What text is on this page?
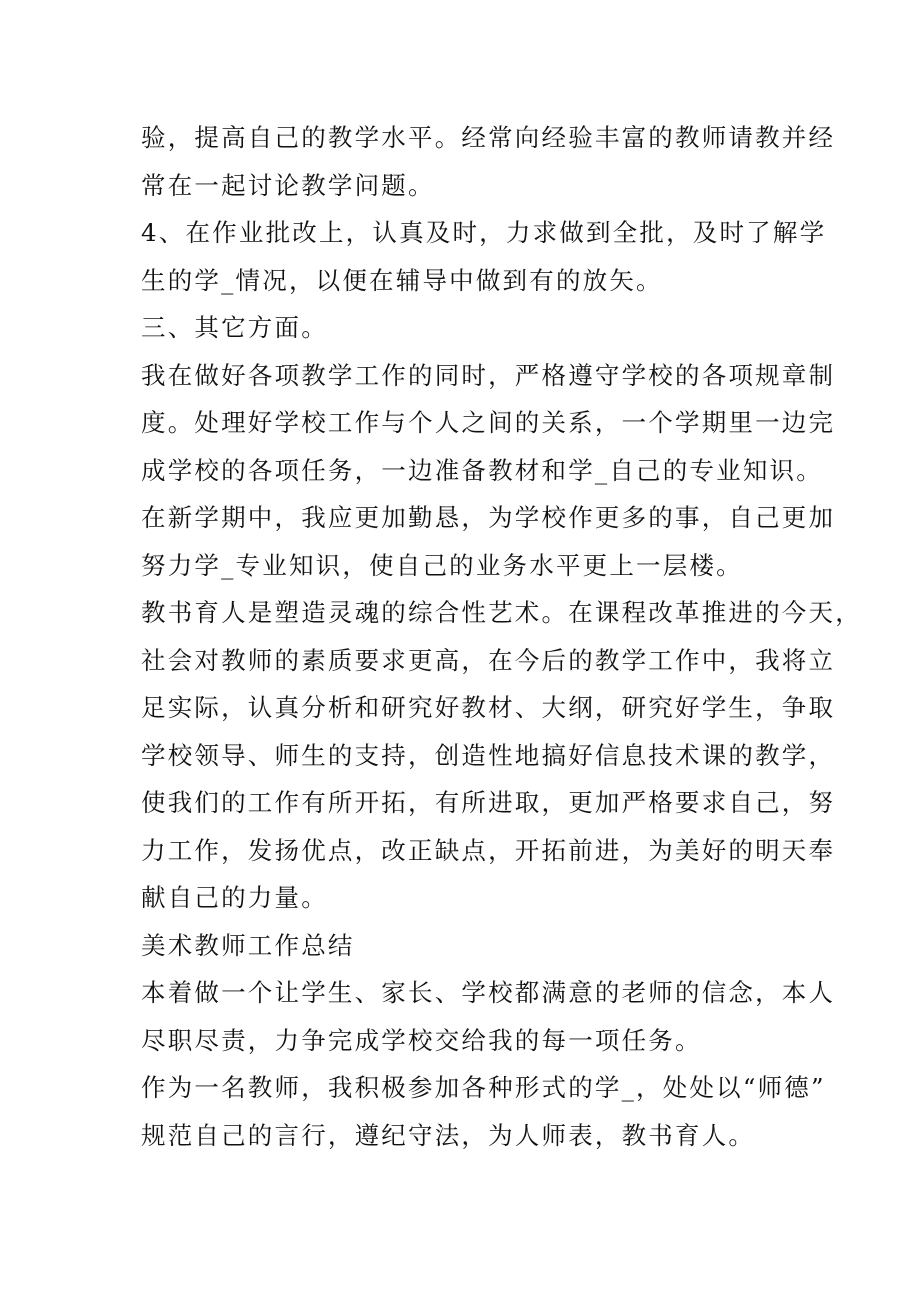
验，提高自己的教学水平。经常向经验丰富的教师请教并经
常在一起讨论教学问题。
4、在作业批改上，认真及时，力求做到全批，及时了解学
生的学_情况，以便在辅导中做到有的放矢。
三、其它方面。
我在做好各项教学工作的同时，严格遵守学校的各项规章制
度。处理好学校工作与个人之间的关系，一个学期里一边完
成学校的各项任务，一边准备教材和学_自己的专业知识。
在新学期中，我应更加勤恳，为学校作更多的事，自己更加
努力学_专业知识，使自己的业务水平更上一层楼。
教书育人是塑造灵魂的综合性艺术。在课程改革推进的今天，
社会对教师的素质要求更高，在今后的教学工作中，我将立
足实际，认真分析和研究好教材、大纲，研究好学生，争取
学校领导、师生的支持，创造性地搞好信息技术课的教学，
使我们的工作有所开拓，有所进取，更加严格要求自己，努
力工作，发扬优点，改正缺点，开拓前进，为美好的明天奉
献自己的力量。
美术教师工作总结
本着做一个让学生、家长、学校都满意的老师的信念，本人
尽职尽责，力争完成学校交给我的每一项任务。
作为一名教师，我积极参加各种形式的学_，处处以“师德”
规范自己的言行，遵纪守法，为人师表，教书育人。
